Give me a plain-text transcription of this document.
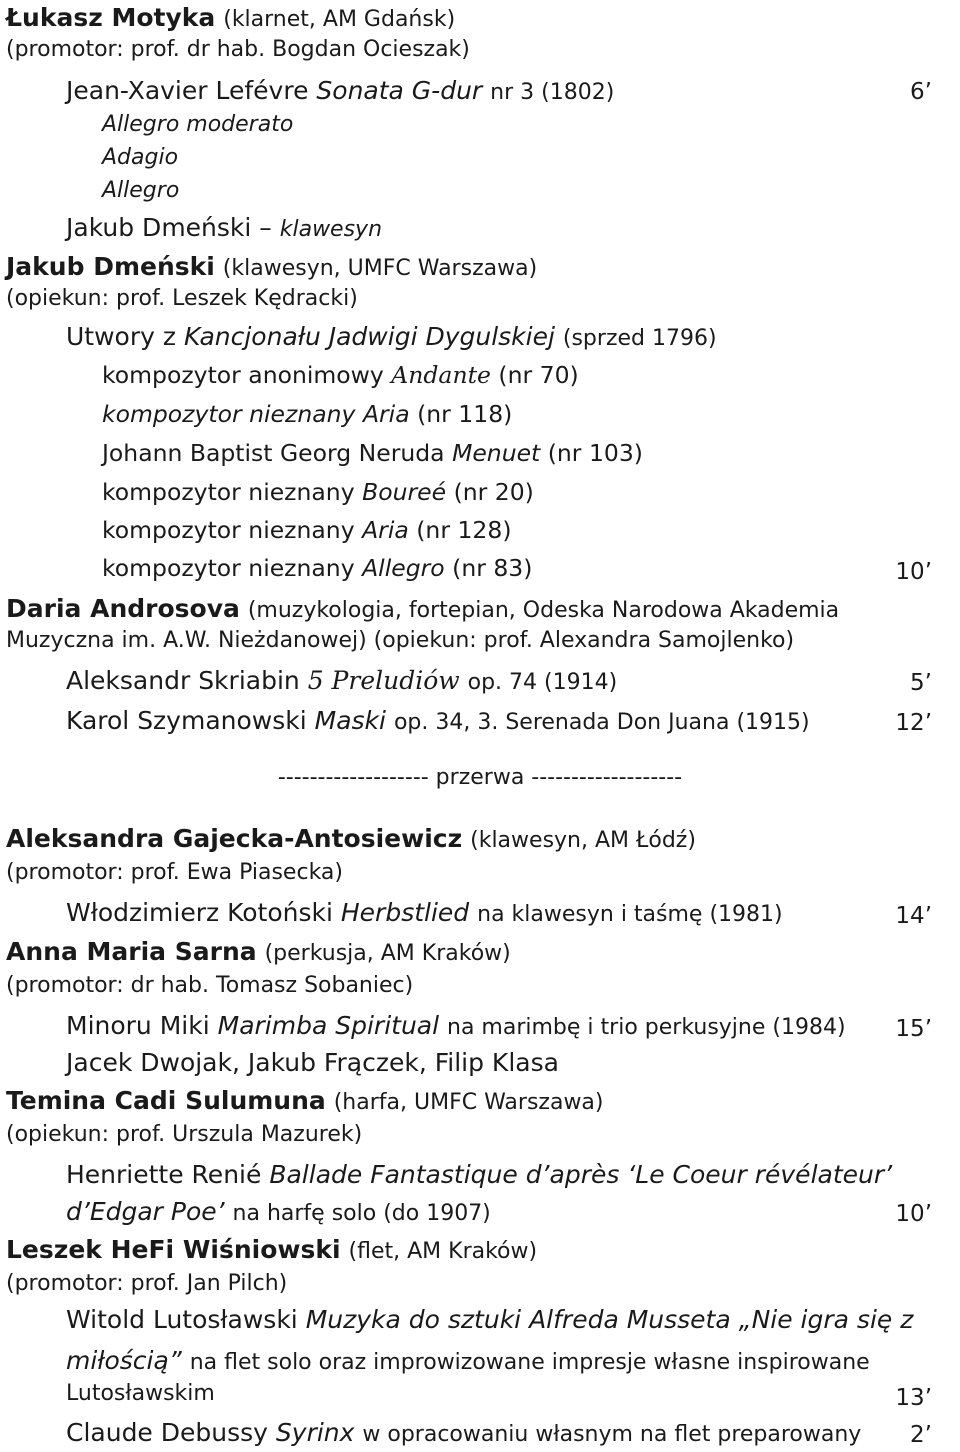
Łukasz Motyka (klarnet, AM Gdańsk)
(promotor: prof. dr hab. Bogdan Ocieszak)
Jean-Xavier Lefévre Sonata G-dur nr 3 (1802)	6’
Allegro moderato
Adagio
Allegro
Jakub Dmeński – klawesyn
Jakub Dmeński (klawesyn, UMFC Warszawa)
(opiekun: prof. Leszek Kędracki)
Utwory z Kancjonału Jadwigi Dygulskiej (sprzed 1796)
kompozytor anonimowy Andante (nr 70)
kompozytor nieznany Aria (nr 118)
Johann Baptist Georg Neruda Menuet (nr 103)
kompozytor nieznany Boureé (nr 20)
kompozytor nieznany Aria (nr 128)
kompozytor nieznany Allegro (nr 83)	10’
Daria Androsova (muzykologia, fortepian, Odeska Narodowa Akademia
Muzyczna im. A.W. Nieżdanowej) (opiekun: prof. Alexandra Samojlenko)
Aleksandr Skriabin 5 Preludiów op. 74 (1914)	5’
Karol Szymanowski Maski op. 34, 3. Serenada Don Juana (1915)	12’
------------------- przerwa -------------------
Aleksandra Gajecka-Antosiewicz (klawesyn, AM Łódź)
(promotor: prof. Ewa Piasecka)
Włodzimierz Kotoński Herbstlied na klawesyn i taśmę (1981)	14’
Anna Maria Sarna (perkusja, AM Kraków)
(promotor: dr hab. Tomasz Sobaniec)
Minoru Miki Marimba Spiritual na marimbę i trio perkusyjne (1984) 15’
Jacek Dwojak, Jakub Frączek, Filip Klasa
Temina Cadi Sulumuna (harfa, UMFC Warszawa)
(opiekun: prof. Urszula Mazurek)
Henriette Renié Ballade Fantastique d’après ‘Le Coeur révélateur’
d’Edgar Poe’ na harfę solo (do 1907)	10’
Leszek HeFi Wiśniowski (flet, AM Kraków)
(promotor: prof. Jan Pilch)
Witold Lutosławski Muzyka do sztuki Alfreda Musseta „Nie igra się z
miłością” na flet solo oraz improwizowane impresje własne inspirowane
Lutosławskim	13’
Claude Debussy Syrinx w opracowaniu własnym na flet preparowany 2’
